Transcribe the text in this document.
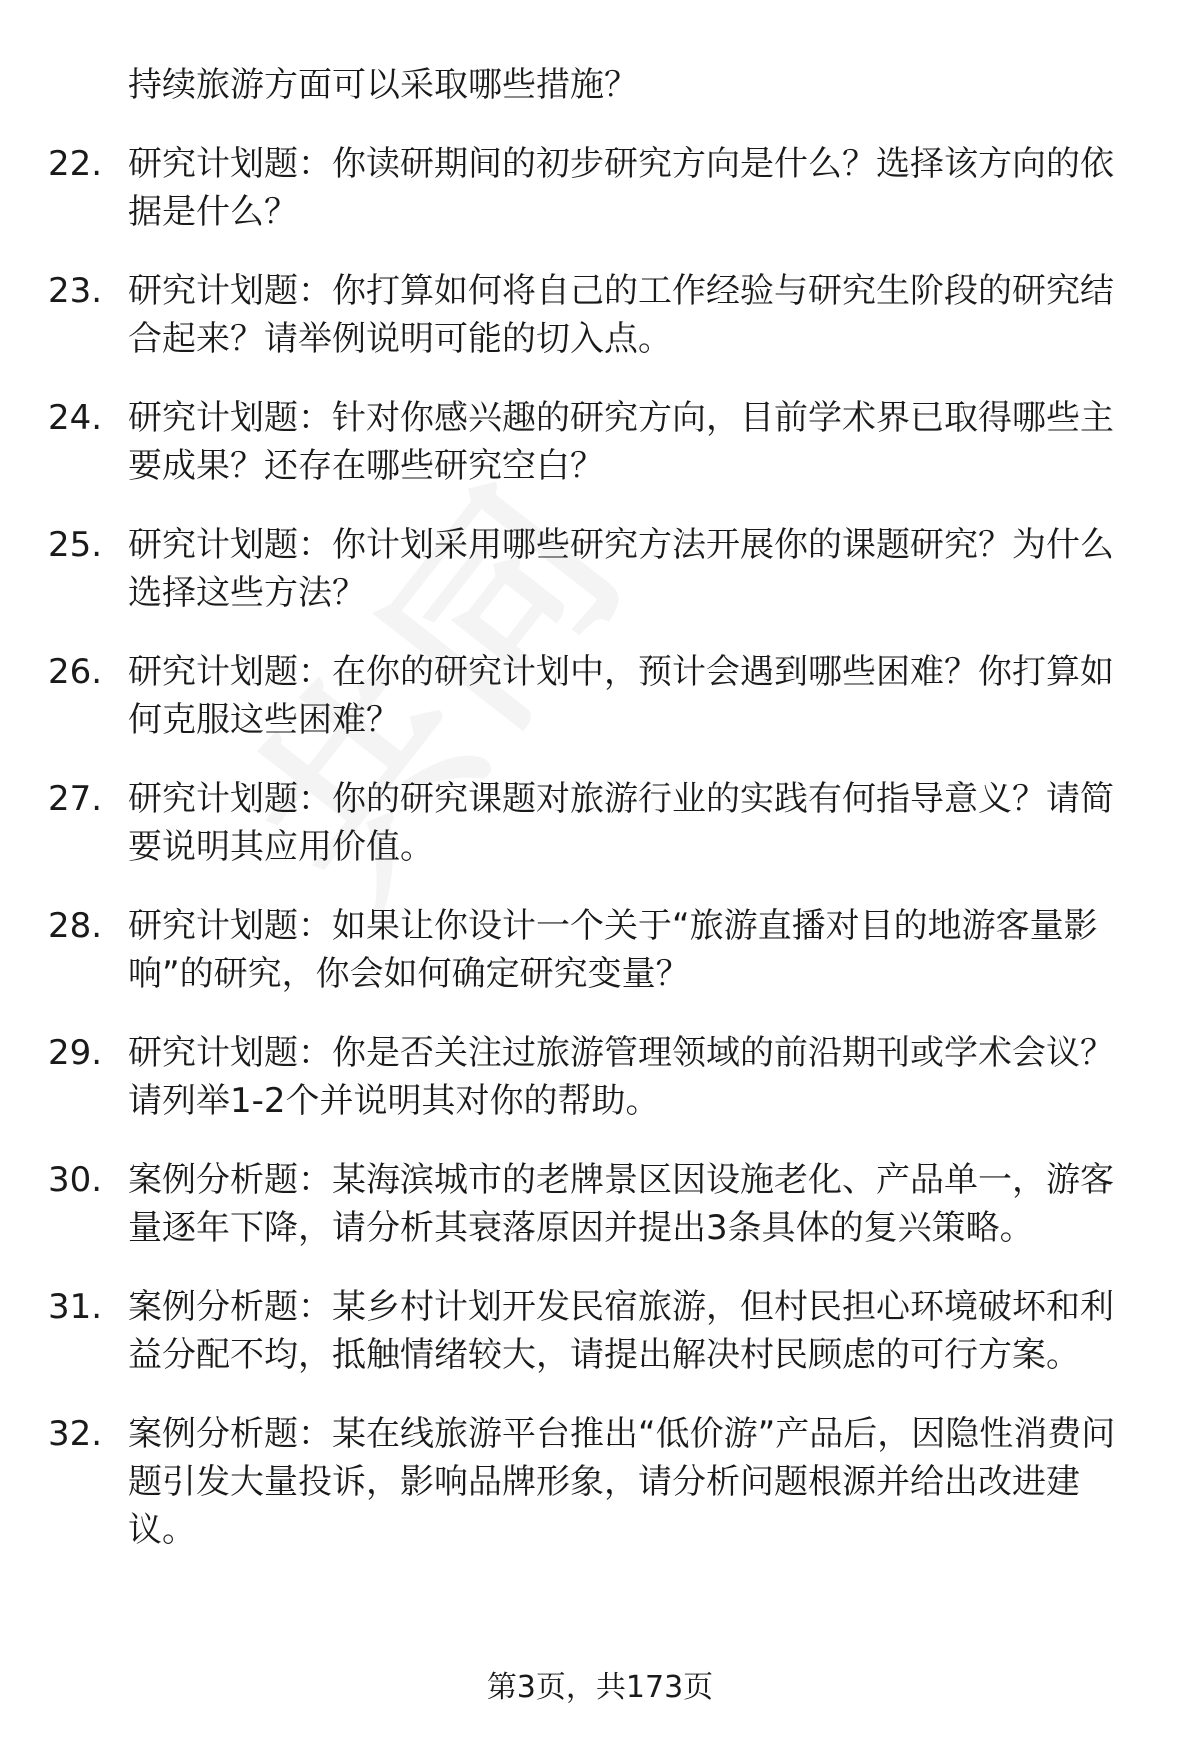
持续旅游方面可以采取哪些措施？
22. 研究计划题：你读研期间的初步研究方向是什么？选择该方向的依据是什么？
23. 研究计划题：你打算如何将自己的工作经验与研究生阶段的研究结合起来？请举例说明可能的切入点。
24. 研究计划题：针对你感兴趣的研究方向，目前学术界已取得哪些主要成果？还存在哪些研究空白？
25. 研究计划题：你计划采用哪些研究方法开展你的课题研究？为什么选择这些方法？
26. 研究计划题：在你的研究计划中，预计会遇到哪些困难？你打算如何克服这些困难？
27. 研究计划题：你的研究课题对旅游行业的实践有何指导意义？请简要说明其应用价值。
28. 研究计划题：如果让你设计一个关于“旅游直播对目的地游客量影响”的研究，你会如何确定研究变量？
29. 研究计划题：你是否关注过旅游管理领域的前沿期刊或学术会议？请列举1-2个并说明其对你的帮助。
30. 案例分析题：某海滨城市的老牌景区因设施老化、产品单一，游客量逐年下降，请分析其衰落原因并提出3条具体的复兴策略。
31. 案例分析题：某乡村计划开发民宿旅游，但村民担心环境破坏和利益分配不均，抵触情绪较大，请提出解决村民顾虑的可行方案。
32. 案例分析题：某在线旅游平台推出“低价游”产品后，因隐性消费问题引发大量投诉，影响品牌形象，请分析问题根源并给出改进建议。
第3页，共173页
